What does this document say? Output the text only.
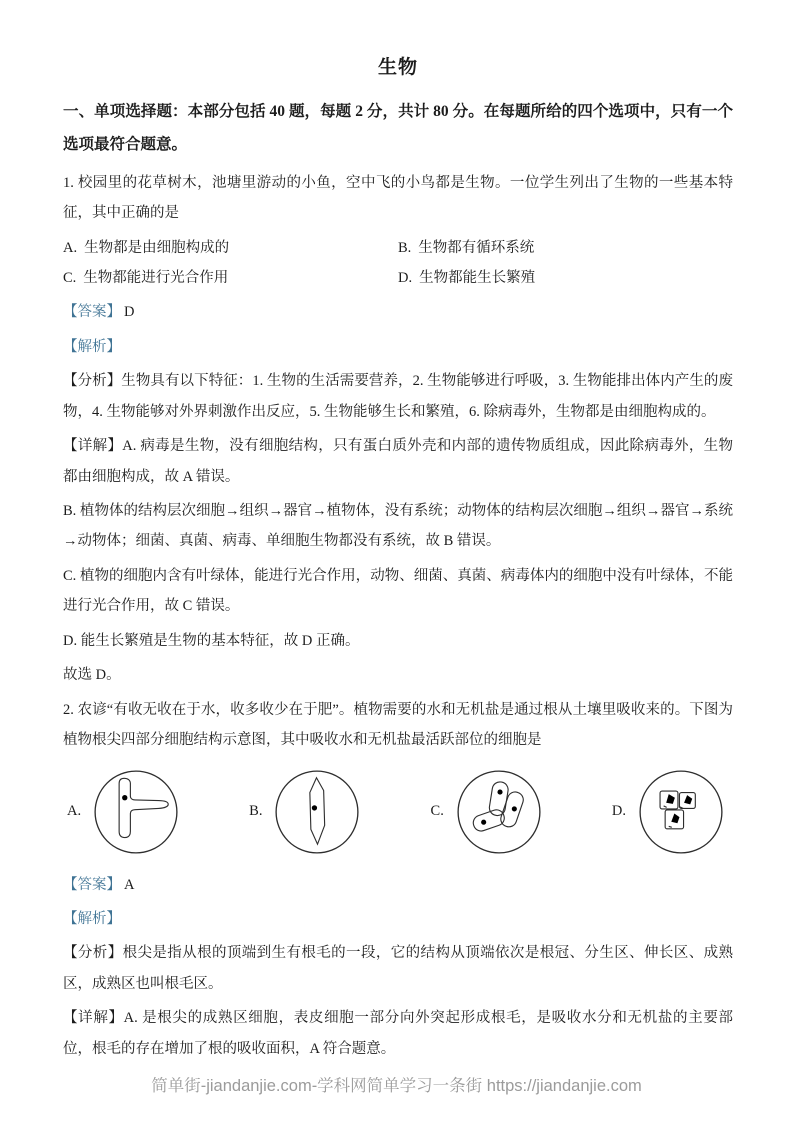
生物

一、单项选择题：本部分包括 40 题，每题 2 分，共计 80 分。在每题所给的四个选项中，只有一个选项最符合题意。

1. 校园里的花草树木，池塘里游动的小鱼，空中飞的小鸟都是生物。一位学生列出了生物的一些基本特征，其中正确的是

A. 生物都是由细胞构成的	B. 生物都有循环系统
C. 生物都能进行光合作用	D. 生物都能生长繁殖

【答案】 D

【解析】

【分析】生物具有以下特征：1. 生物的生活需要营养，2. 生物能够进行呼吸，3. 生物能排出体内产生的废物，4. 生物能够对外界刺激作出反应，5. 生物能够生长和繁殖，6. 除病毒外，生物都是由细胞构成的。

【详解】A. 病毒是生物，没有细胞结构，只有蛋白质外壳和内部的遗传物质组成，因此除病毒外，生物都由细胞构成，故 A 错误。

B. 植物体的结构层次细胞→组织→器官→植物体，没有系统；动物体的结构层次细胞→组织→器官→系统→动物体；细菌、真菌、病毒、单细胞生物都没有系统，故 B 错误。

C. 植物的细胞内含有叶绿体，能进行光合作用，动物、细菌、真菌、病毒体内的细胞中没有叶绿体，不能进行光合作用，故 C 错误。

D. 能生长繁殖是生物的基本特征，故 D 正确。

故选 D。

2. 农谚“有收无收在于水，收多收少在于肥”。植物需要的水和无机盐是通过根从土壤里吸收来的。下图为植物根尖四部分细胞结构示意图，其中吸收水和无机盐最活跃部位的细胞是

A.	B.	C.	D.

【答案】 A

【解析】

【分析】根尖是指从根的顶端到生有根毛的一段，它的结构从顶端依次是根冠、分生区、伸长区、成熟区，成熟区也叫根毛区。

【详解】A. 是根尖的成熟区细胞，表皮细胞一部分向外突起形成根毛，是吸收水分和无机盐的主要部位，根毛的存在增加了根的吸收面积，A 符合题意。

简单街-jiandanjie.com-学科网简单学习一条街 https://jiandanjie.com
